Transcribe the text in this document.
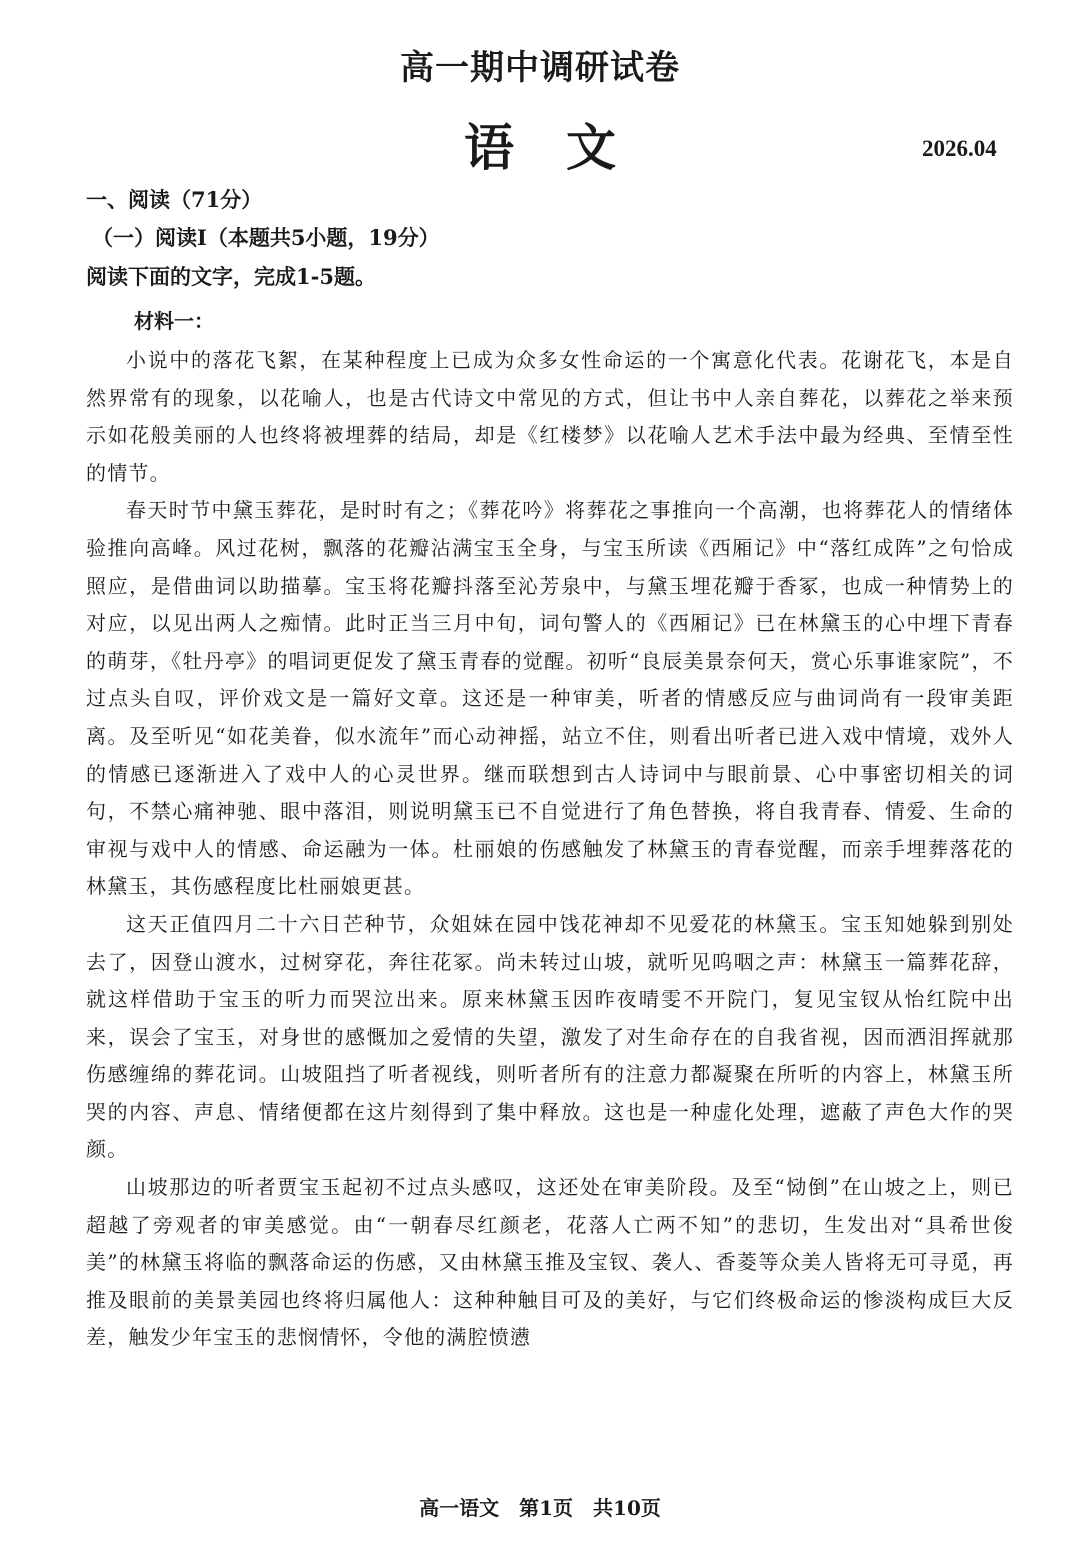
高一期中调研试卷
语文	2026.04
一、阅读（71分）
（一）阅读Ⅰ（本题共5小题，19分）
阅读下面的文字，完成1-5题。
材料一：

小说中的落花飞絮，在某种程度上已成为众多女性命运的一个寓意化代表。花谢花飞，本是自然界常有的现象，以花喻人，也是古代诗文中常见的方式，但让书中人亲自葬花，以葬花之举来预示如花般美丽的人也终将被埋葬的结局，却是《红楼梦》以花喻人艺术手法中最为经典、至情至性的情节。

春天时节中黛玉葬花，是时时有之；《葬花吟》将葬花之事推向一个高潮，也将葬花人的情绪体验推向高峰。风过花树，飘落的花瓣沾满宝玉全身，与宝玉所读《西厢记》中“落红成阵”之句恰成照应，是借曲词以助描摹。宝玉将花瓣抖落至沁芳泉中，与黛玉埋花瓣于香冢，也成一种情势上的对应，以见出两人之痴情。此时正当三月中旬，词句警人的《西厢记》已在林黛玉的心中埋下青春的萌芽，《牡丹亭》的唱词更促发了黛玉青春的觉醒。初听“良辰美景奈何天，赏心乐事谁家院”，不过点头自叹，评价戏文是一篇好文章。这还是一种审美，听者的情感反应与曲词尚有一段审美距离。及至听见“如花美眷，似水流年”而心动神摇，站立不住，则看出听者已进入戏中情境，戏外人的情感已逐渐进入了戏中人的心灵世界。继而联想到古人诗词中与眼前景、心中事密切相关的词句，不禁心痛神驰、眼中落泪，则说明黛玉已不自觉进行了角色替换，将自我青春、情爱、生命的审视与戏中人的情感、命运融为一体。杜丽娘的伤感触发了林黛玉的青春觉醒，而亲手埋葬落花的林黛玉，其伤感程度比杜丽娘更甚。

这天正值四月二十六日芒种节，众姐妹在园中饯花神却不见爱花的林黛玉。宝玉知她躲到别处去了，因登山渡水，过树穿花，奔往花冢。尚未转过山坡，就听见呜咽之声：林黛玉一篇葬花辞，就这样借助于宝玉的听力而哭泣出来。原来林黛玉因昨夜晴雯不开院门，复见宝钗从怡红院中出来，误会了宝玉，对身世的感慨加之爱情的失望，激发了对生命存在的自我省视，因而洒泪挥就那伤感缠绵的葬花词。山坡阻挡了听者视线，则听者所有的注意力都凝聚在所听的内容上，林黛玉所哭的内容、声息、情绪便都在这片刻得到了集中释放。这也是一种虚化处理，遮蔽了声色大作的哭颜。

山坡那边的听者贾宝玉起初不过点头感叹，这还处在审美阶段。及至“恸倒”在山坡之上，则已超越了旁观者的审美感觉。由“一朝春尽红颜老，花落人亡两不知”的悲切，生发出对“具希世俊美”的林黛玉将临的飘落命运的伤感，又由林黛玉推及宝钗、袭人、香菱等众美人皆将无可寻觅，再推及眼前的美景美园也终将归属他人：这种种触目可及的美好，与它们终极命运的惨淡构成巨大反差，触发少年宝玉的悲悯情怀，令他的满腔愤懑

高一语文　第1页　共10页
